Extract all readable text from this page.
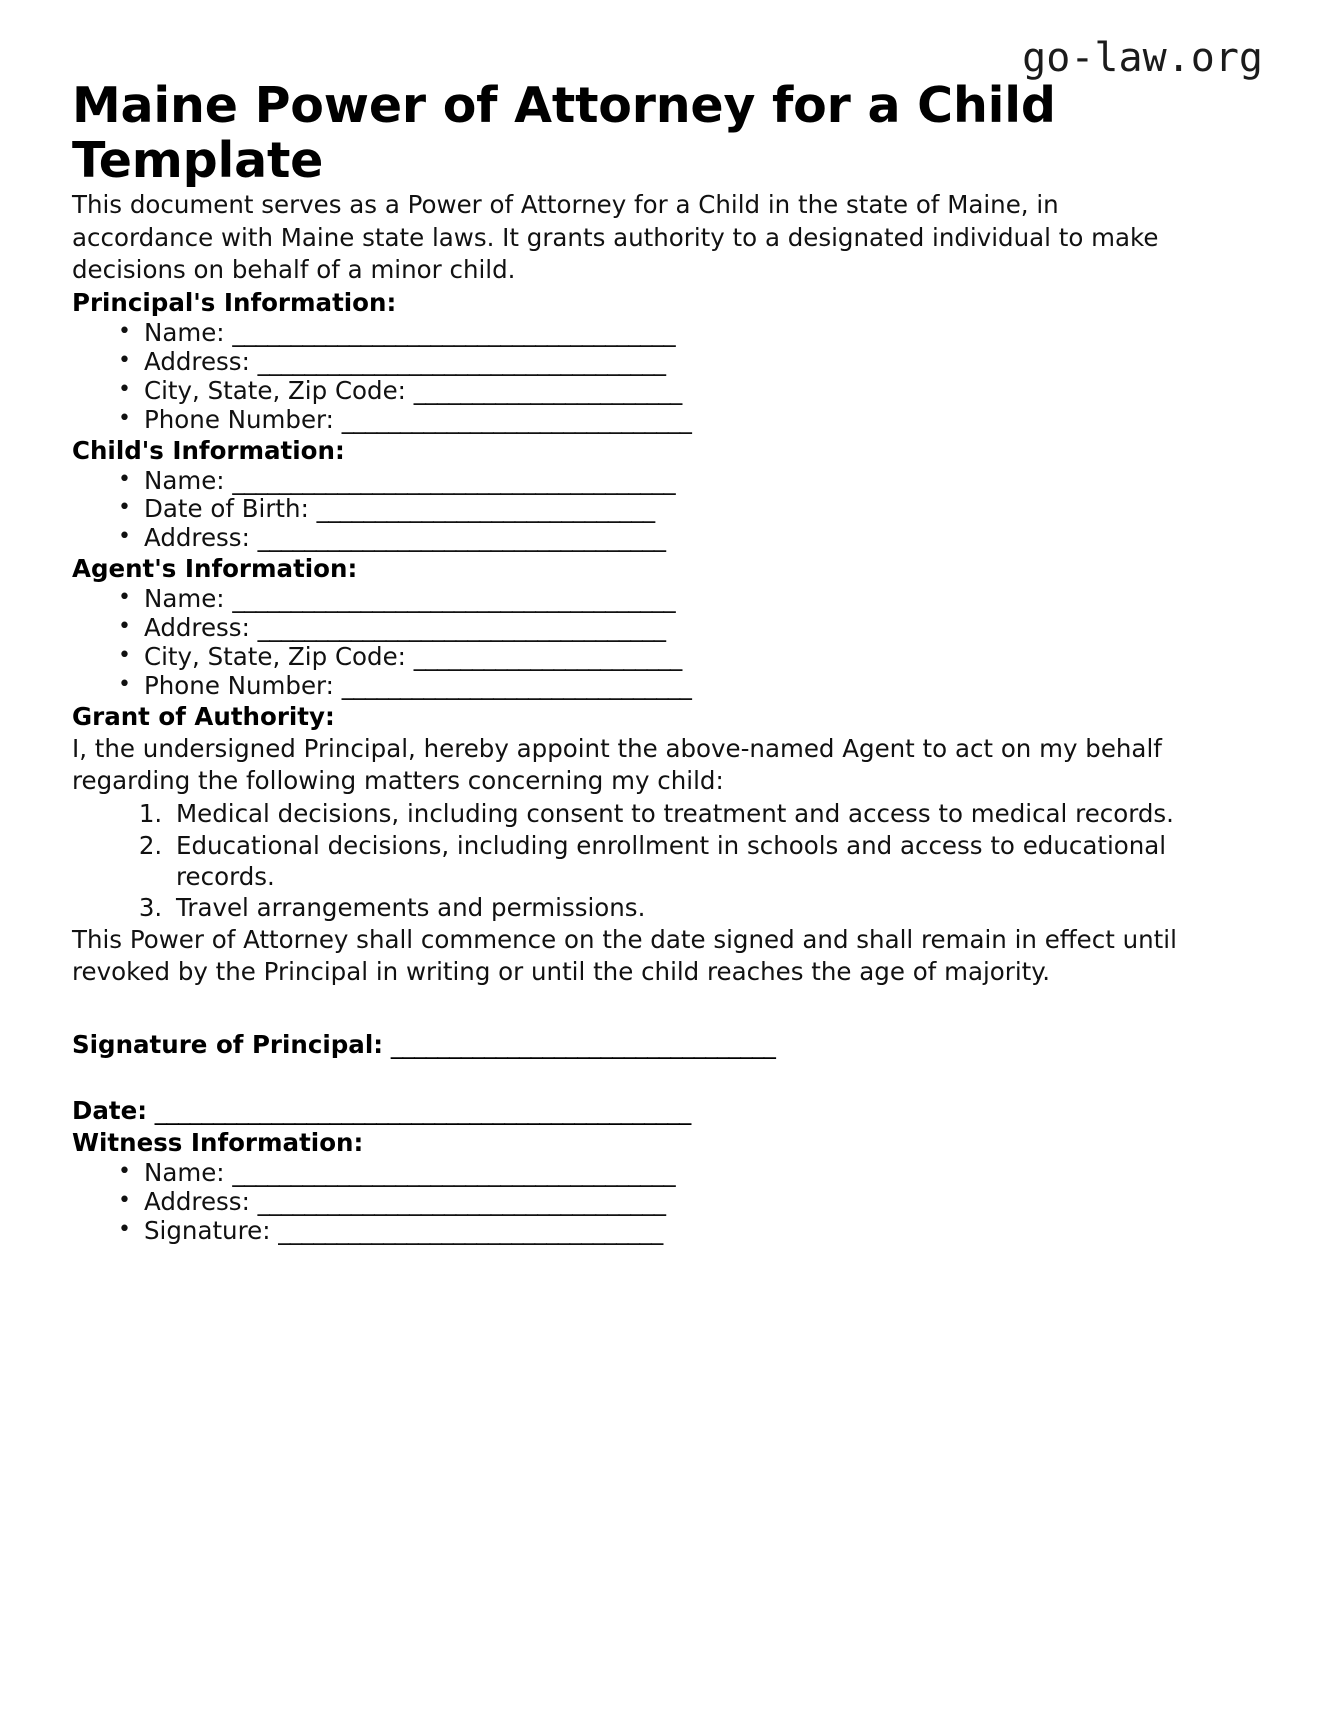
go-law.org
Maine Power of Attorney for a Child Template

This document serves as a Power of Attorney for a Child in the state of Maine, in accordance with Maine state laws. It grants authority to a designated individual to make decisions on behalf of a minor child.

Principal's Information:
• Name: ______________________________________
• Address: ___________________________________
• City, State, Zip Code: _______________________
• Phone Number: ______________________________
Child's Information:
• Name: ______________________________________
• Date of Birth: _____________________________
• Address: ___________________________________
Agent's Information:
• Name: ______________________________________
• Address: ___________________________________
• City, State, Zip Code: _______________________
• Phone Number: ______________________________
Grant of Authority:

I, the undersigned Principal, hereby appoint the above-named Agent to act on my behalf regarding the following matters concerning my child:

1. Medical decisions, including consent to treatment and access to medical records.
2. Educational decisions, including enrollment in schools and access to educational records.
3. Travel arrangements and permissions.

This Power of Attorney shall commence on the date signed and shall remain in effect until revoked by the Principal in writing or until the child reaches the age of majority.

Signature of Principal: _________________________________

Date: ______________________________________________

Witness Information:
• Name: ______________________________________
• Address: ___________________________________
• Signature: _________________________________
